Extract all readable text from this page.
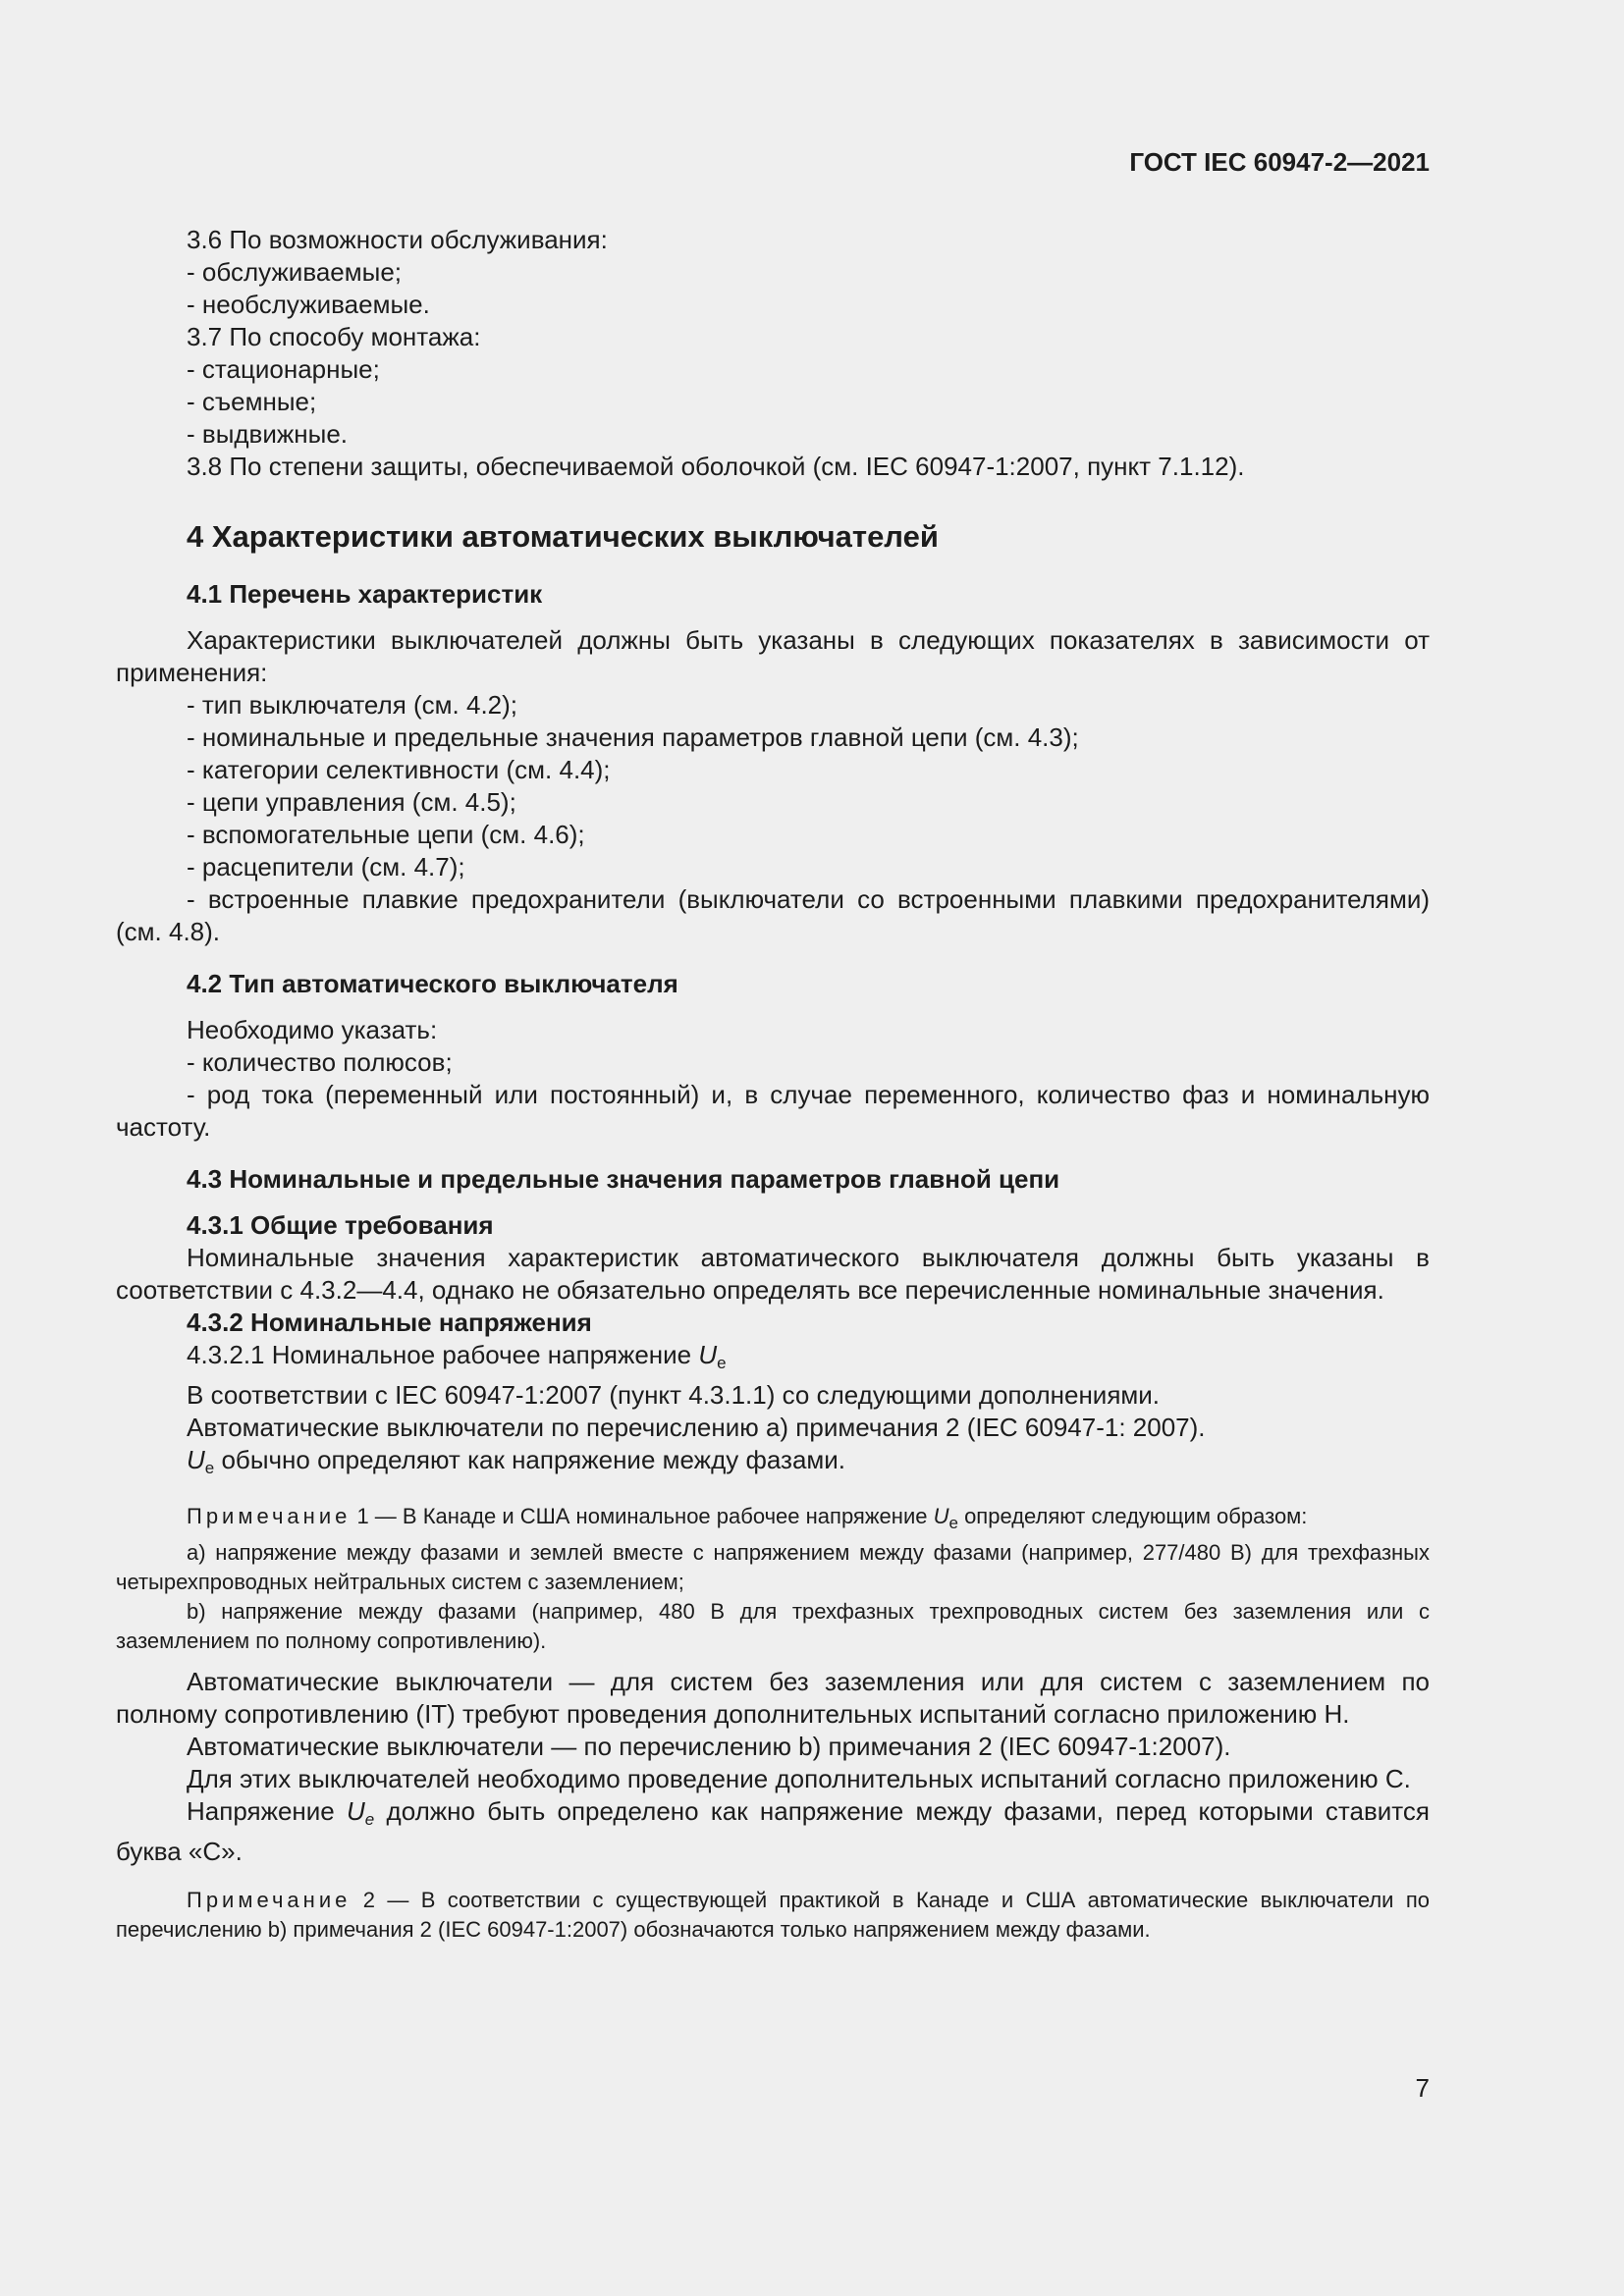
ГОСТ IEC 60947-2—2021

3.6 По возможности обслуживания:

- обслуживаемые;

- необслуживаемые.

3.7 По способу монтажа:

- стационарные;

- съемные;

- выдвижные.

3.8 По степени защиты, обеспечиваемой оболочкой (см. IEC 60947-1:2007, пункт 7.1.12).

4 Характеристики автоматических выключателей
4.1 Перечень характеристик

Характеристики выключателей должны быть указаны в следующих показателях в зависимости от применения:

- тип выключателя (см. 4.2);

- номинальные и предельные значения параметров главной цепи (см. 4.3);

- категории селективности (см. 4.4);

- цепи управления (см. 4.5);

- вспомогательные цепи (см. 4.6);

- расцепители (см. 4.7);

- встроенные плавкие предохранители (выключатели со встроенными плавкими предохранителями) (см. 4.8).

4.2 Тип автоматического выключателя

Необходимо указать:

- количество полюсов;

- род тока (переменный или постоянный) и, в случае переменного, количество фаз и номинальную частоту.

4.3 Номинальные и предельные значения параметров главной цепи
4.3.1 Общие требования

Номинальные значения характеристик автоматического выключателя должны быть указаны в соответствии с 4.3.2—4.4, однако не обязательно определять все перечисленные номинальные значения.

4.3.2 Номинальные напряжения

4.3.2.1 Номинальное рабочее напряжение $U_e$

В соответствии с IEC 60947-1:2007 (пункт 4.3.1.1) со следующими дополнениями.

Автоматические выключатели по перечислению а) примечания 2 (IEC 60947-1: 2007).

$U_e$ обычно определяют как напряжение между фазами.

Примечание 1 — В Канаде и США номинальное рабочее напряжение $U_e$ определяют следующим образом:

а) напряжение между фазами и землей вместе с напряжением между фазами (например, 277/480 В) для трехфазных четырехпроводных нейтральных систем с заземлением;

b) напряжение между фазами (например, 480 В для трехфазных трехпроводных систем без заземления или с заземлением по полному сопротивлению).

Автоматические выключатели — для систем без заземления или для систем с заземлением по полному сопротивлению (IT) требуют проведения дополнительных испытаний согласно приложению Н.

Автоматические выключатели — по перечислению b) примечания 2 (IEC 60947-1:2007).

Для этих выключателей необходимо проведение дополнительных испытаний согласно приложению С.

Напряжение $U_e$ должно быть определено как напряжение между фазами, перед которыми ставится буква «С».

Примечание 2 — В соответствии с существующей практикой в Канаде и США автоматические выключатели по перечислению b) примечания 2 (IEC 60947-1:2007) обозначаются только напряжением между фазами.

7
